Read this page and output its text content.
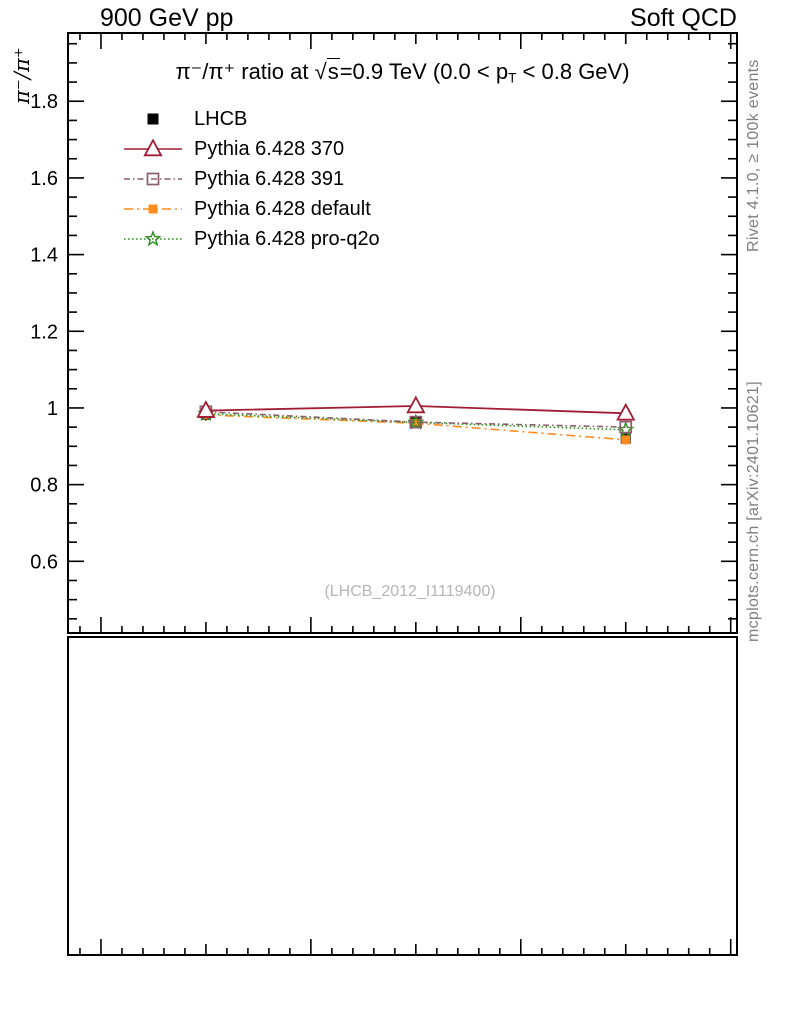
0.6
0.8
1
1.2
1.4
1.6
1.8
900 GeV pp	Soft QCD
π⁻/π⁺	π⁻/π⁺ ratio at √s=0.9 TeV ($0.0 < p_T < 0.8$ GeV)
LHCB
Pythia 6.428 370
Pythia 6.428 391
Pythia 6.428 default
Pythia 6.428 pro-q2o
(LHCB_2012_I1119400)
Rivet 4.1.0, ≥ 100k events
mcplots.cern.ch [arXiv:2401.10621]
